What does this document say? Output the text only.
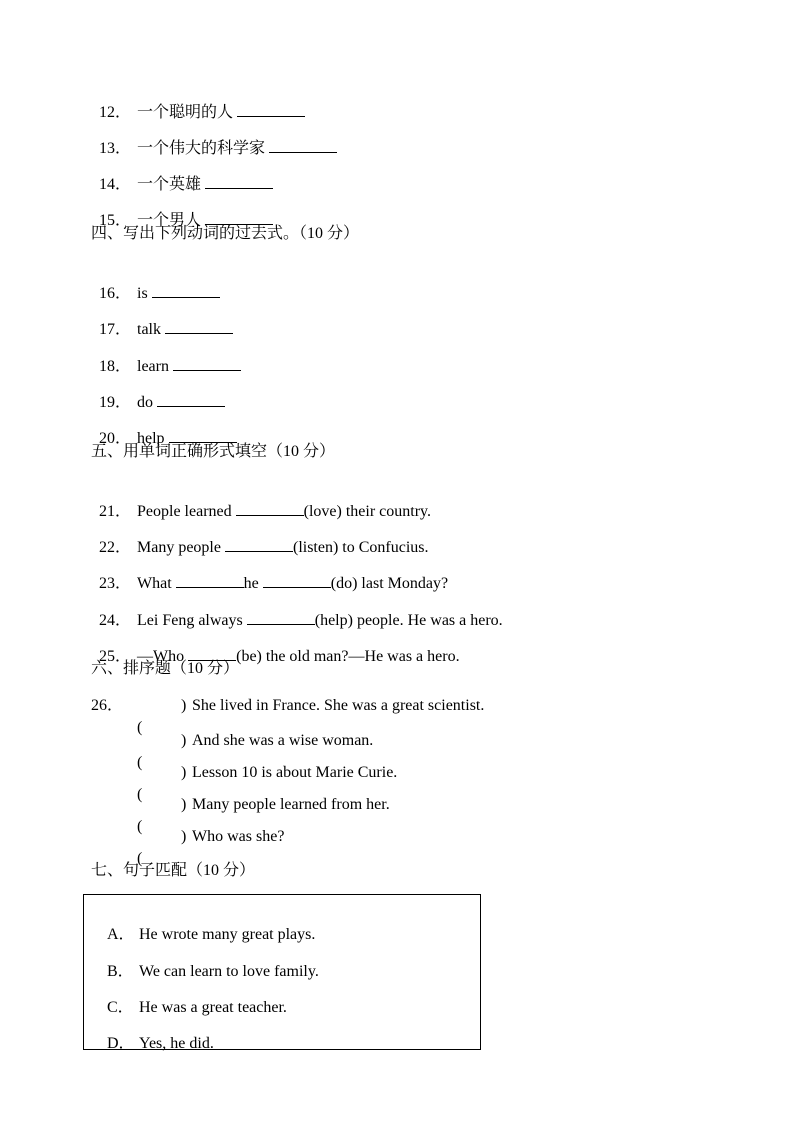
12． 一个聪明的人

13． 一个伟大的科学家

14． 一个英雄

15． 一个男人

四、写出下列动词的过去式。（10 分）

16． is

17． talk

18． learn

19． do

20． help

五、用单词正确形式填空（10 分）

21． People learned	(love) their country.

22． Many people	(listen) to Confucius.

23． What	he	(do) last Monday?

24． Lei Feng always	(help) people. He was a hero.

25． —Who	(be) the old man?—He was a hero.

六、排序题（10 分）
26．

(
) She lived in France. She was a great scientist.

(
) And she was a wise woman.

(
) Lesson 10 is about Marie Curie.

(
) Many people learned from her.

(
) Who was she?

七、句子匹配（10 分）

A． He wrote many great plays.

B． We can learn to love family.

C． He was a great teacher.

D． Yes, he did.
